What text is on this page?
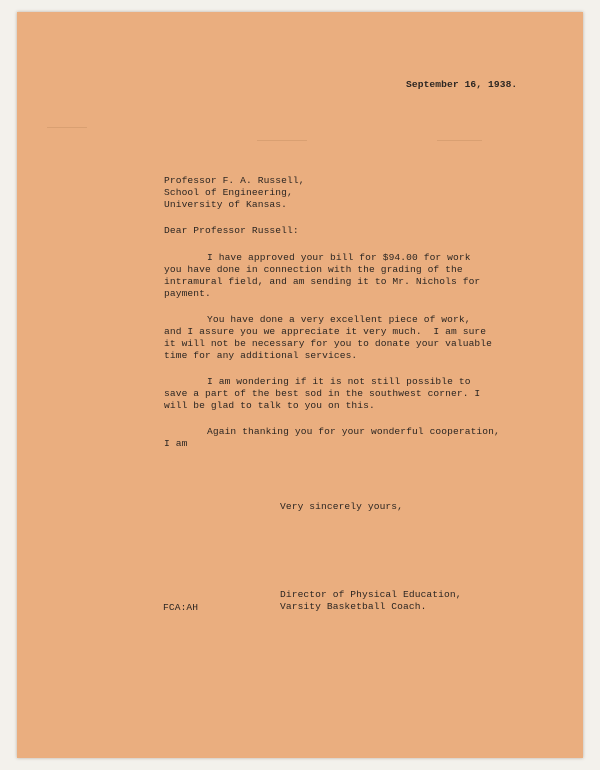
September 16, 1938.

Professor F. A. Russell,

School of Engineering,

University of Kansas.

Dear Professor Russell:

I have approved your bill for $94.00 for work

you have done in connection with the grading of the

intramural field, and am sending it to Mr. Nichols for

payment.

You have done a very excellent piece of work,

and I assure you we appreciate it very much.  I am sure

it will not be necessary for you to donate your valuable

time for any additional services.

I am wondering if it is not still possible to

save a part of the best sod in the southwest corner. I

will be glad to talk to you on this.

Again thanking you for your wonderful cooperation,

I am

Very sincerely yours,

Director of Physical Education,

Varsity Basketball Coach.

FCA:AH
